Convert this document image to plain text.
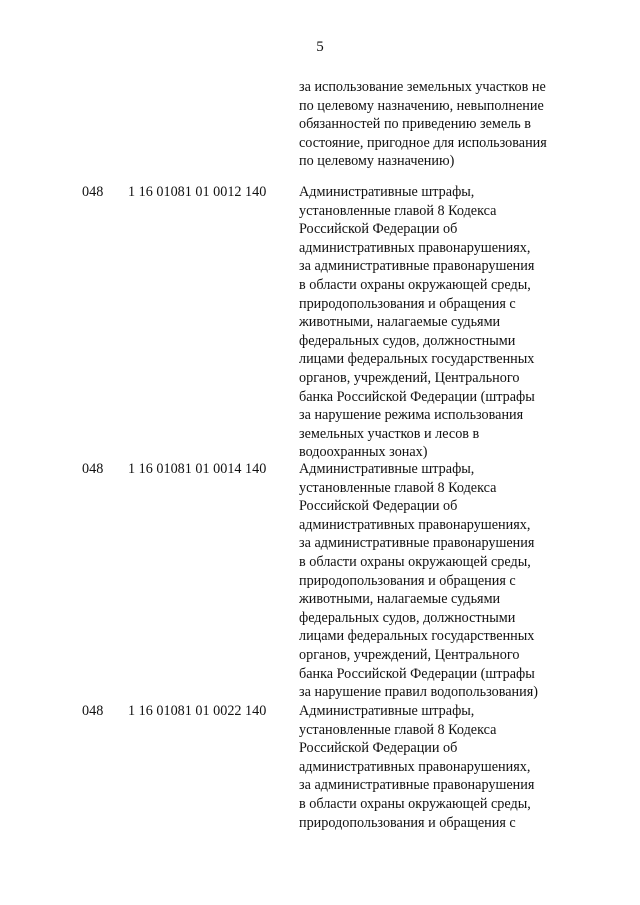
5
за использование земельных участков не
по целевому назначению, невыполнение
обязанностей по приведению земель в
состояние, пригодное для использования
по целевому назначению)
048	1 16 01081 01 0012 140	Административные штрафы,
установленные главой 8 Кодекса
Российской Федерации об
административных правонарушениях,
за административные правонарушения
в области охраны окружающей среды,
природопользования и обращения с
животными, налагаемые судьями
федеральных судов, должностными
лицами федеральных государственных
органов, учреждений, Центрального
банка Российской Федерации (штрафы
за нарушение режима использования
земельных участков и лесов в
водоохранных зонах)
048	1 16 01081 01 0014 140	Административные штрафы,
установленные главой 8 Кодекса
Российской Федерации об
административных правонарушениях,
за административные правонарушения
в области охраны окружающей среды,
природопользования и обращения с
животными, налагаемые судьями
федеральных судов, должностными
лицами федеральных государственных
органов, учреждений, Центрального
банка Российской Федерации (штрафы
за нарушение правил водопользования)
048	1 16 01081 01 0022 140	Административные штрафы,
установленные главой 8 Кодекса
Российской Федерации об
административных правонарушениях,
за административные правонарушения
в области охраны окружающей среды,
природопользования и обращения с
